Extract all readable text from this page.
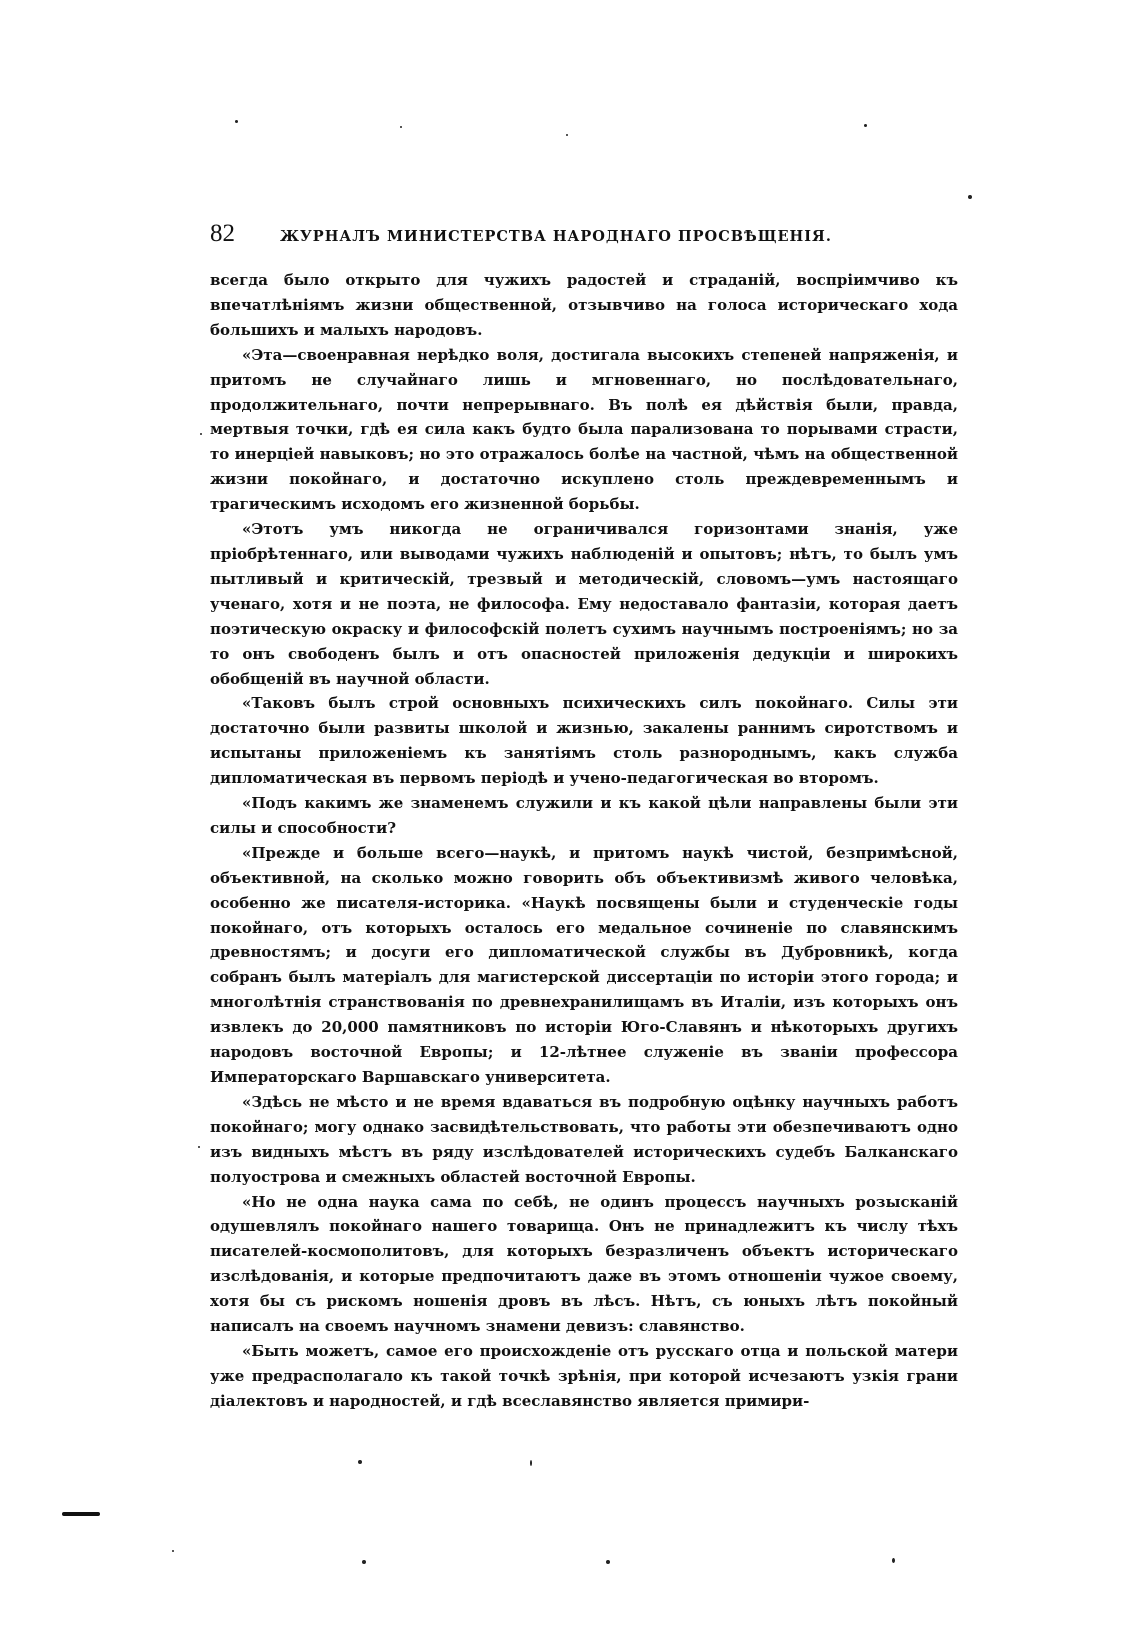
82	ЖУРНАЛЪ МИНИСТЕРСТВА НАРОДНАГО ПРОСВѢЩЕНІЯ.

всегда было открыто для чужихъ радостей и страданій, воспріимчиво къ впечатлѣніямъ жизни общественной, отзывчиво на голоса историческаго хода большихъ и малыхъ народовъ.

«Эта—своенравная нерѣдко воля, достигала высокихъ степеней напряженія, и притомъ не случайнаго лишь и мгновеннаго, но послѣдовательнаго, продолжительнаго, почти непрерывнаго. Въ полѣ ея дѣйствія были, правда, мертвыя точки, гдѣ ея сила какъ будто была парализована то порывами страсти, то инерціей навыковъ; но это отражалось болѣе на частной, чѣмъ на общественной жизни покойнаго, и достаточно искуплено столь преждевременнымъ и трагическимъ исходомъ его жизненной борьбы.

«Этотъ умъ никогда не ограничивался горизонтами знанія, уже пріобрѣтеннаго, или выводами чужихъ наблюденій и опытовъ; нѣтъ, то былъ умъ пытливый и критическій, трезвый и методическій, словомъ—умъ настоящаго ученаго, хотя и не поэта, не философа. Ему недоставало фантазіи, которая даетъ поэтическую окраску и философскій полетъ сухимъ научнымъ построеніямъ; но за то онъ свободенъ былъ и отъ опасностей приложенія дедукціи и широкихъ обобщеній въ научной области.

«Таковъ былъ строй основныхъ психическихъ силъ покойнаго. Силы эти достаточно были развиты школой и жизнью, закалены раннимъ сиротствомъ и испытаны приложеніемъ къ занятіямъ столь разнороднымъ, какъ служба дипломатическая въ первомъ періодѣ и учено-педагогическая во второмъ.

«Подъ какимъ же знаменемъ служили и къ какой цѣли направлены были эти силы и способности?

«Прежде и больше всего—наукѣ, и притомъ наукѣ чистой, безпримѣсной, объективной, на сколько можно говорить объ объективизмѣ живого человѣка, особенно же писателя-историка. «Наукѣ посвящены были и студенческіе годы покойнаго, отъ которыхъ осталось его медальное сочиненіе по славянскимъ древностямъ; и досуги его дипломатической службы въ Дубровникѣ, когда собранъ былъ матеріалъ для магистерской диссертаціи по исторіи этого города; и многолѣтнія странствованія по древнехранилищамъ въ Италіи, изъ которыхъ онъ извлекъ до 20,000 памятниковъ по исторіи Юго-Славянъ и нѣкоторыхъ другихъ народовъ восточной Европы; и 12-лѣтнее служеніе въ званіи профессора Императорскаго Варшавскаго университета.

«Здѣсь не мѣсто и не время вдаваться въ подробную оцѣнку научныхъ работъ покойнаго; могу однако засвидѣтельствовать, что работы эти обезпечиваютъ одно изъ видныхъ мѣстъ въ ряду изслѣдователей историческихъ судебъ Балканскаго полуострова и смежныхъ областей восточной Европы.

«Но не одна наука сама по себѣ, не одинъ процессъ научныхъ розысканій одушевлялъ покойнаго нашего товарища. Онъ не принадлежитъ къ числу тѣхъ писателей-космополитовъ, для которыхъ безразличенъ объектъ историческаго изслѣдованія, и которые предпочитаютъ даже въ этомъ отношеніи чужое своему, хотя бы съ рискомъ ношенія дровъ въ лѣсъ. Нѣтъ, съ юныхъ лѣтъ покойный написалъ на своемъ научномъ знамени девизъ: славянство.

«Быть можетъ, самое его происхожденіе отъ русскаго отца и польской матери уже предрасполагало къ такой точкѣ зрѣнія, при которой исчезаютъ узкія грани діалектовъ и народностей, и гдѣ всеславянство является примири-
